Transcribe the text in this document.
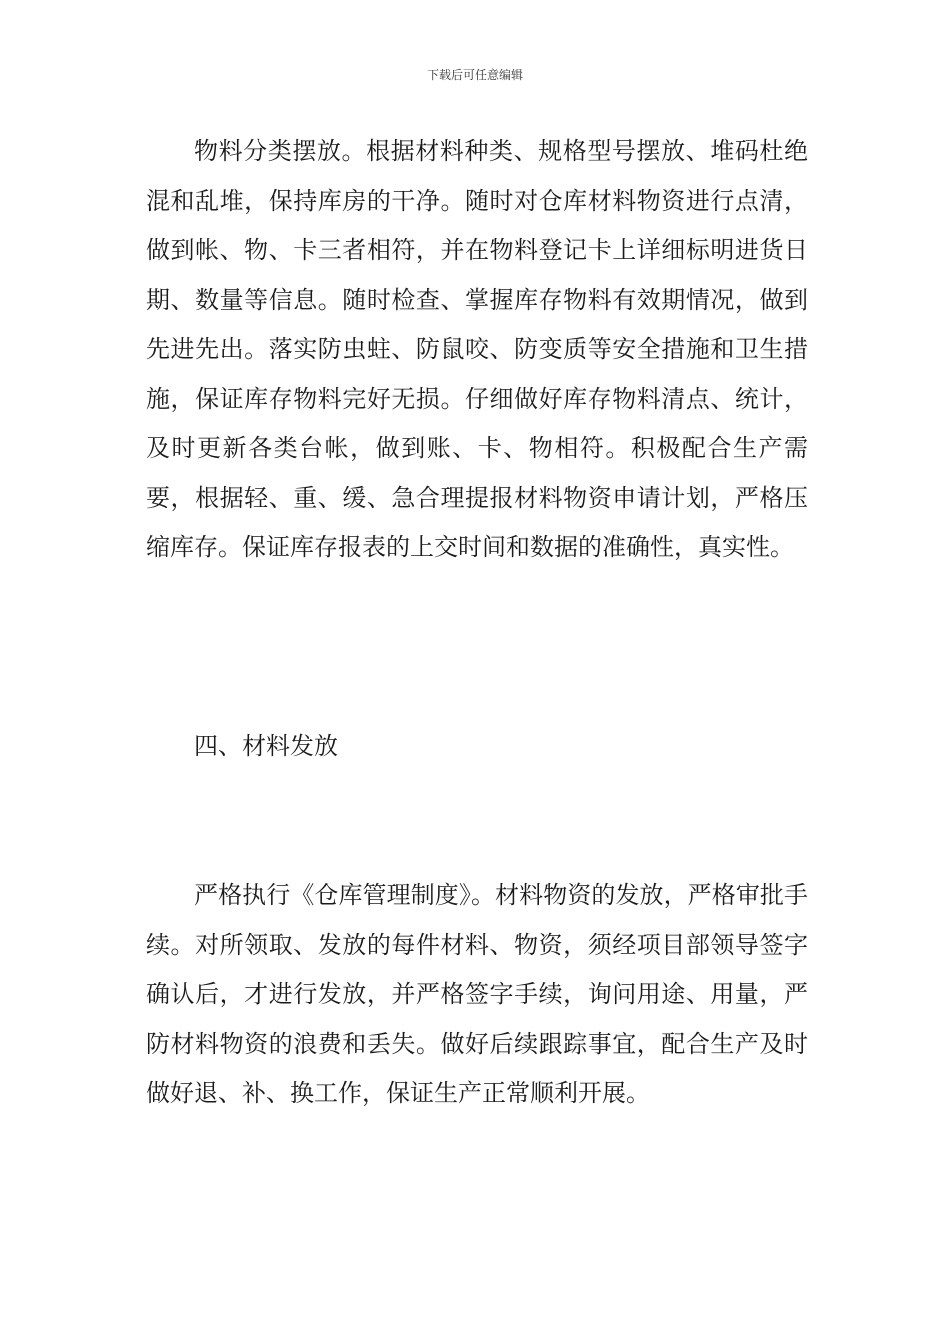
下载后可任意编辑

物料分类摆放。根据材料种类、规格型号摆放、堆码杜绝混和乱堆，保持库房的干净。随时对仓库材料物资进行点清，做到帐、物、卡三者相符，并在物料登记卡上详细标明进货日期、数量等信息。随时检查、掌握库存物料有效期情况，做到先进先出。落实防虫蛀、防鼠咬、防变质等安全措施和卫生措施，保证库存物料完好无损。仔细做好库存物料清点、统计，及时更新各类台帐，做到账、卡、物相符。积极配合生产需要，根据轻、重、缓、急合理提报材料物资申请计划，严格压缩库存。保证库存报表的上交时间和数据的准确性，真实性。

四、材料发放

严格执行《仓库管理制度》。材料物资的发放，严格审批手续。对所领取、发放的每件材料、物资，须经项目部领导签字确认后，才进行发放，并严格签字手续，询问用途、用量，严防材料物资的浪费和丢失。做好后续跟踪事宜，配合生产及时做好退、补、换工作，保证生产正常顺利开展。
